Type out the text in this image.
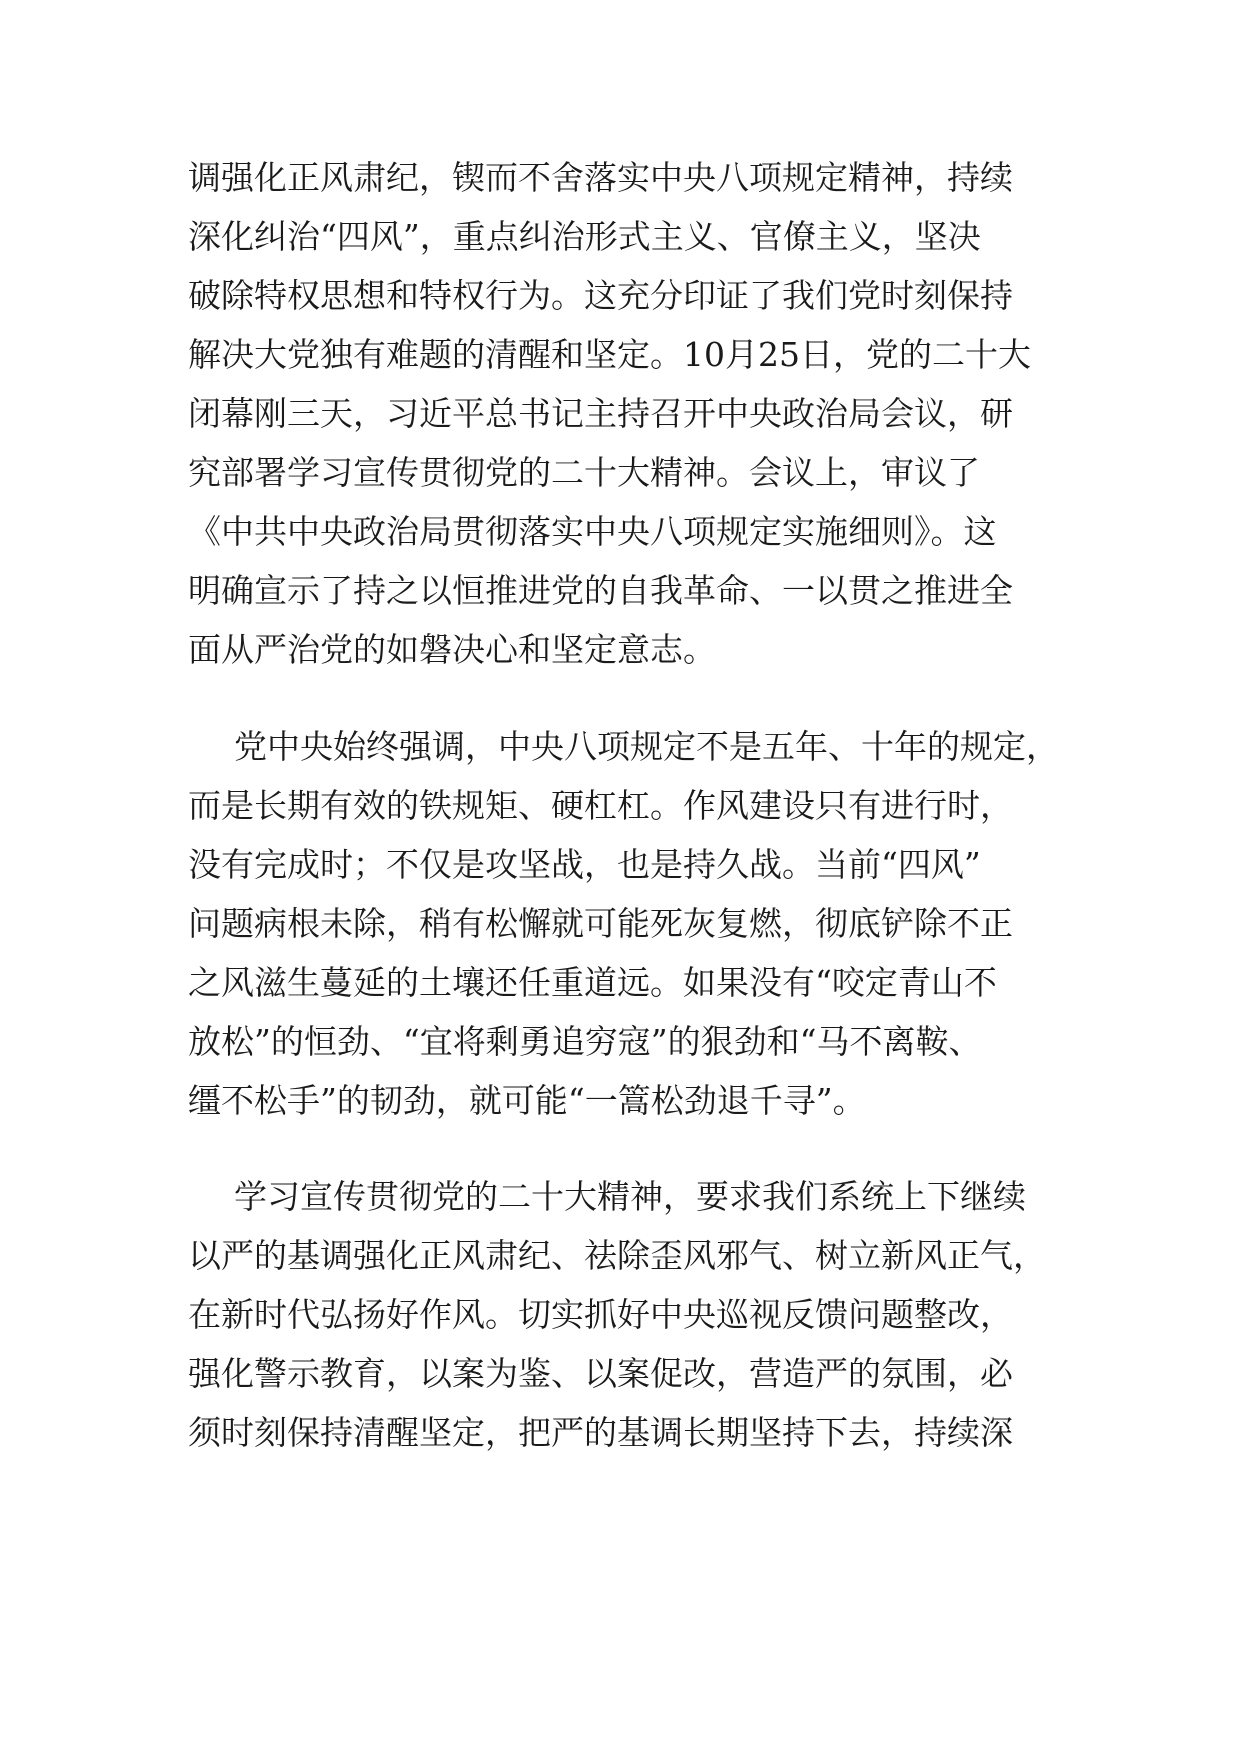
调强化正风肃纪，锲而不舍落实中央八项规定精神，持续
深化纠治“四风”，重点纠治形式主义、官僚主义，坚决
破除特权思想和特权行为。这充分印证了我们党时刻保持
解决大党独有难题的清醒和坚定。10月25日，党的二十大
闭幕刚三天，习近平总书记主持召开中央政治局会议，研
究部署学习宣传贯彻党的二十大精神。会议上，审议了
《中共中央政治局贯彻落实中央八项规定实施细则》。这
明确宣示了持之以恒推进党的自我革命、一以贯之推进全
面从严治党的如磐决心和坚定意志。
党中央始终强调，中央八项规定不是五年、十年的规定，
而是长期有效的铁规矩、硬杠杠。作风建设只有进行时，
没有完成时；不仅是攻坚战，也是持久战。当前“四风”
问题病根未除，稍有松懈就可能死灰复燃，彻底铲除不正
之风滋生蔓延的土壤还任重道远。如果没有“咬定青山不
放松”的恒劲、“宜将剩勇追穷寇”的狠劲和“马不离鞍、
缰不松手”的韧劲，就可能“一篙松劲退千寻”。
学习宣传贯彻党的二十大精神，要求我们系统上下继续
以严的基调强化正风肃纪、祛除歪风邪气、树立新风正气，
在新时代弘扬好作风。切实抓好中央巡视反馈问题整改，
强化警示教育，以案为鉴、以案促改，营造严的氛围，必
须时刻保持清醒坚定，把严的基调长期坚持下去，持续深
